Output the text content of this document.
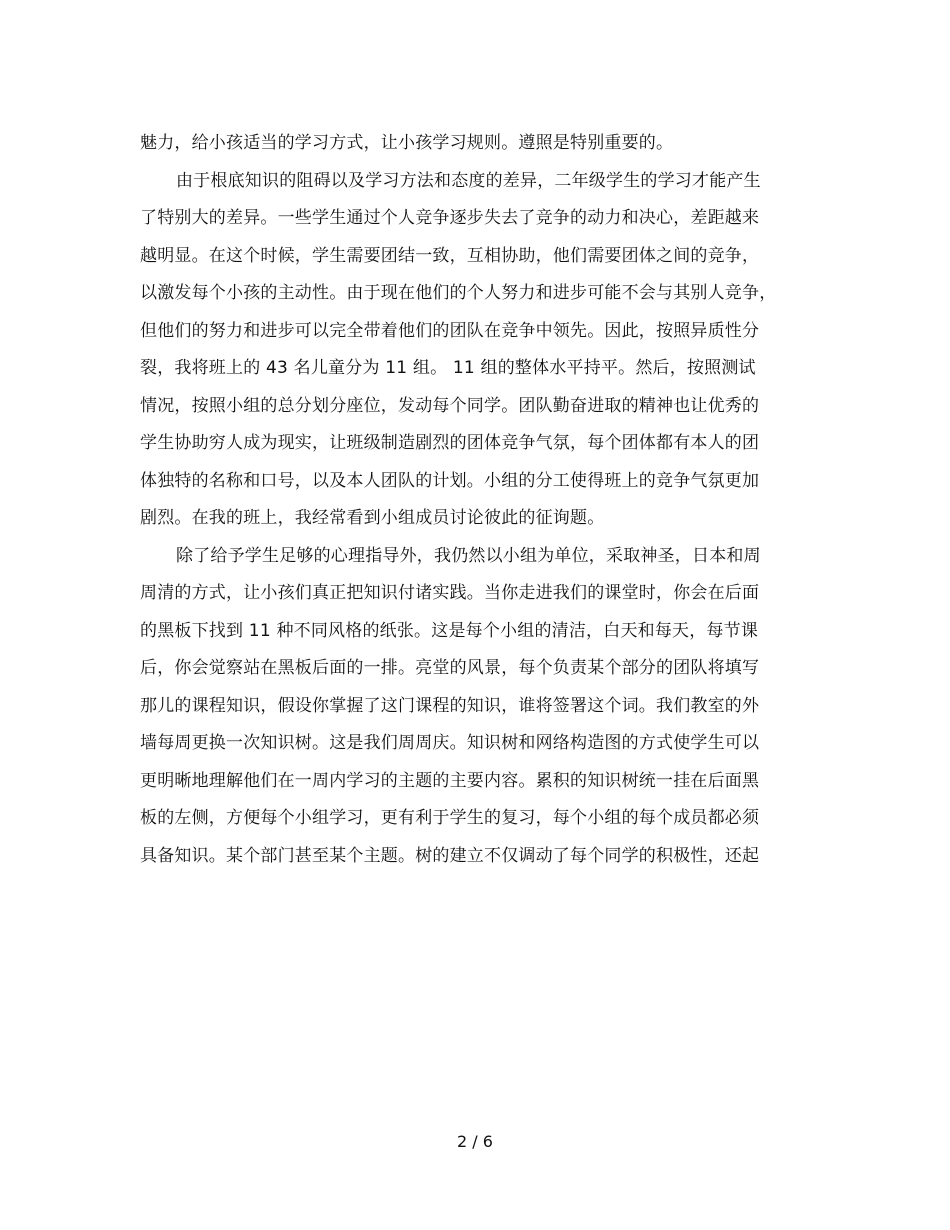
魅力，给小孩适当的学习方式，让小孩学习规则。遵照是特别重要的。
由于根底知识的阻碍以及学习方法和态度的差异，二年级学生的学习才能产生
了特别大的差异。一些学生通过个人竞争逐步失去了竞争的动力和决心，差距越来
越明显。在这个时候，学生需要团结一致，互相协助，他们需要团体之间的竞争，
以激发每个小孩的主动性。由于现在他们的个人努力和进步可能不会与其别人竞争，
但他们的努力和进步可以完全带着他们的团队在竞争中领先。因此，按照异质性分
裂，我将班上的 43 名儿童分为 11 组。 11 组的整体水平持平。然后，按照测试
情况，按照小组的总分划分座位，发动每个同学。团队勤奋进取的精神也让优秀的
学生协助穷人成为现实，让班级制造剧烈的团体竞争气氛，每个团体都有本人的团
体独特的名称和口号，以及本人团队的计划。小组的分工使得班上的竞争气氛更加
剧烈。在我的班上，我经常看到小组成员讨论彼此的征询题。
除了给予学生足够的心理指导外，我仍然以小组为单位，采取神圣，日本和周
周清的方式，让小孩们真正把知识付诸实践。当你走进我们的课堂时，你会在后面
的黑板下找到 11 种不同风格的纸张。这是每个小组的清洁，白天和每天，每节课
后，你会觉察站在黑板后面的一排。亮堂的风景，每个负责某个部分的团队将填写
那儿的课程知识，假设你掌握了这门课程的知识，谁将签署这个词。我们教室的外
墙每周更换一次知识树。这是我们周周庆。知识树和网络构造图的方式使学生可以
更明晰地理解他们在一周内学习的主题的主要内容。累积的知识树统一挂在后面黑
板的左侧，方便每个小组学习，更有利于学生的复习，每个小组的每个成员都必须
具备知识。某个部门甚至某个主题。树的建立不仅调动了每个同学的积极性，还起
2 / 6
